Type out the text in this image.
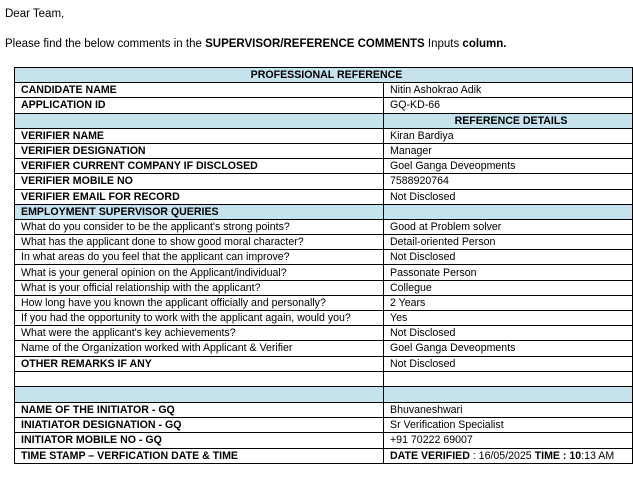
Dear Team,
Please find the below comments in the SUPERVISOR/REFERENCE COMMENTS Inputs column.
PROFESSIONAL REFERENCE	
CANDIDATE NAME	Nitin Ashokrao Adik
APPLICATION ID	GQ-KD-66
	REFERENCE DETAILS
VERIFIER NAME	Kiran Bardiya
VERIFIER DESIGNATION	Manager
VERIFIER CURRENT COMPANY IF DISCLOSED	Goel Ganga Deveopments
VERIFIER MOBILE NO	7588920764
VERIFIER EMAIL FOR RECORD	Not Disclosed
EMPLOYMENT SUPERVISOR QUERIES	
What do you consider to be the applicant's strong points?	Good at Problem solver
What has the applicant done to show good moral character?	Detail-oriented Person
In what areas do you feel that the applicant can improve?	Not Disclosed
What is your general opinion on the Applicant/individual?	Passonate Person
What is your official relationship with the applicant?	Collegue
How long have you known the applicant officially and personally?	2 Years
If you had the opportunity to work with the applicant again, would you?	Yes
What were the applicant's key achievements?	Not Disclosed
Name of the Organization worked with Applicant & Verifier	Goel Ganga Deveopments
OTHER REMARKS IF ANY	Not Disclosed

NAME OF THE INITIATOR - GQ	Bhuvaneshwari
INIATIATOR DESIGNATION - GQ	Sr Verification Specialist
INITIATOR MOBILE NO - GQ	+91 70222 69007
TIME STAMP – VERFICATION DATE & TIME	DATE VERIFIED : 16/05/2025 TIME : 10:13 AM
